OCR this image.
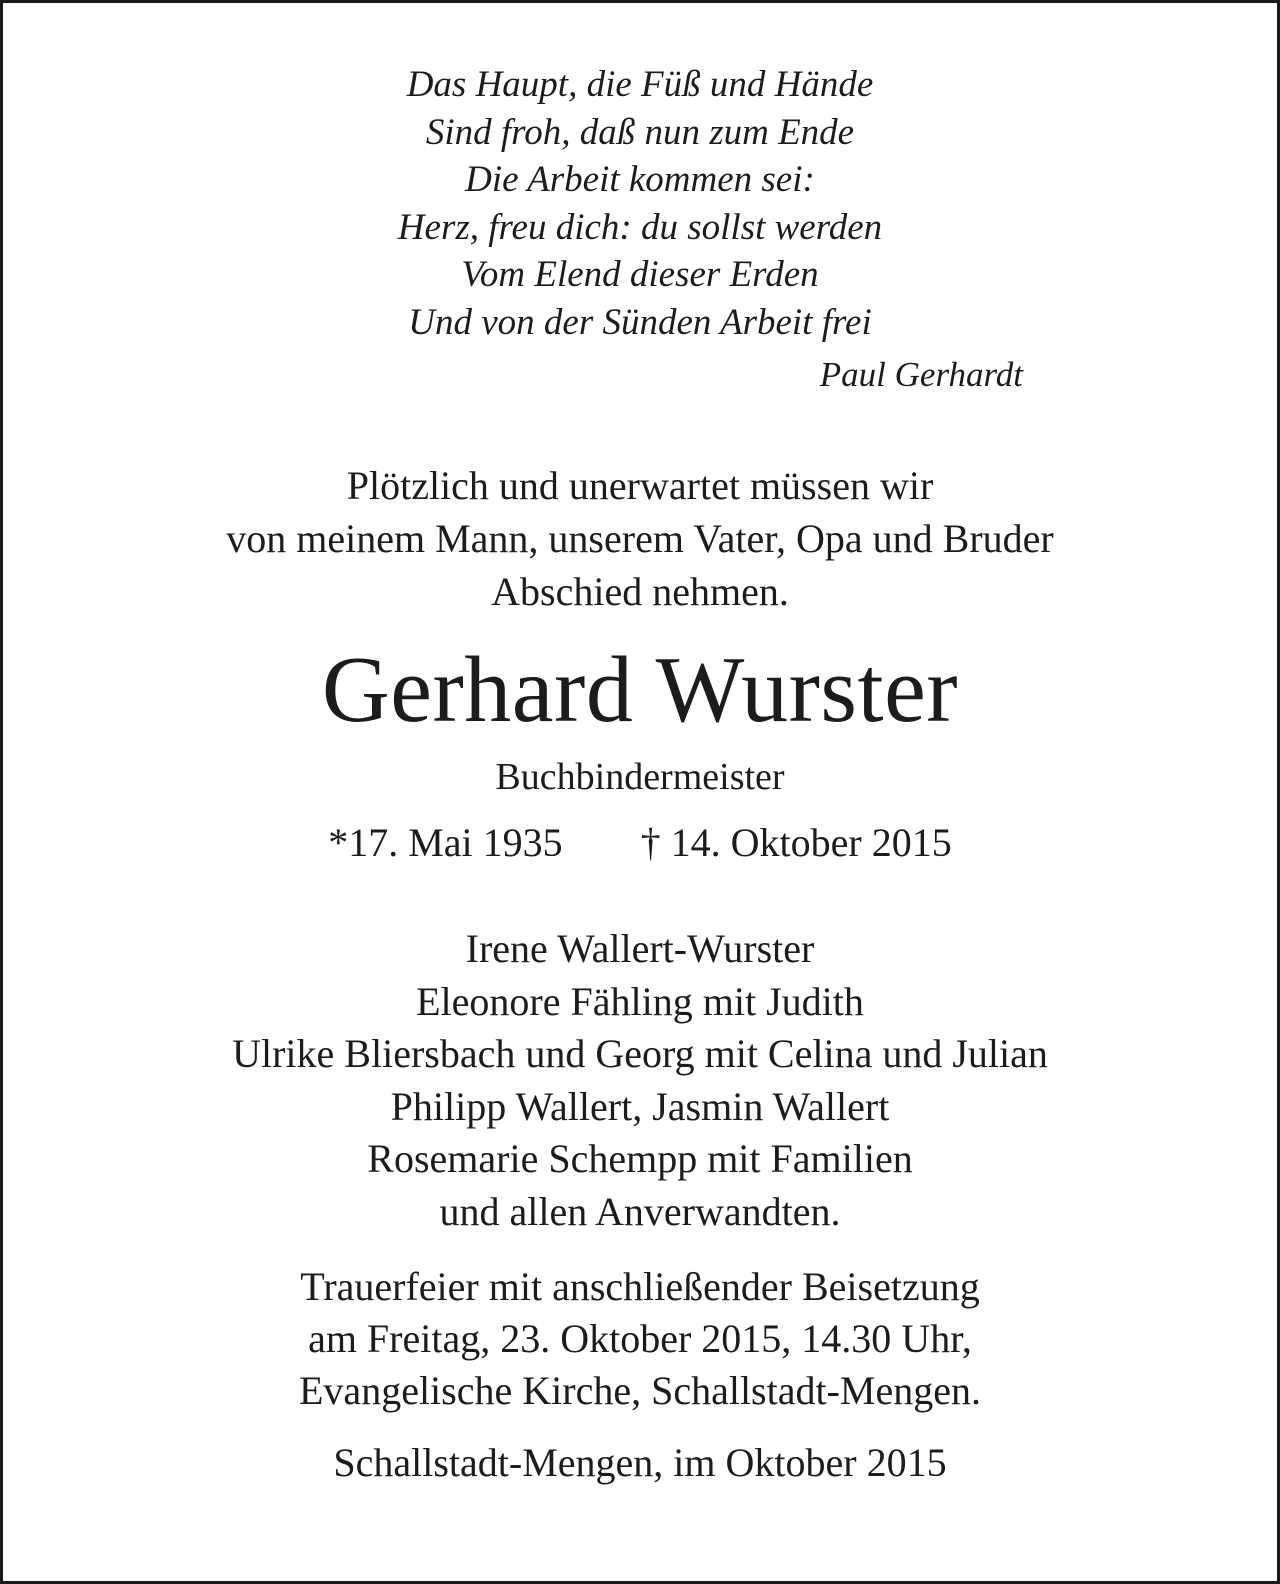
Das Haupt, die Füß und Hände
Sind froh, daß nun zum Ende
Die Arbeit kommen sei:
Herz, freu dich: du sollst werden
Vom Elend dieser Erden
Und von der Sünden Arbeit frei
Paul Gerhardt
Plötzlich und unerwartet müssen wir
von meinem Mann, unserem Vater, Opa und Bruder
Abschied nehmen.
Gerhard Wurster
Buchbindermeister
*17. Mai 1935 † 14. Oktober 2015
Irene Wallert-Wurster
Eleonore Fähling mit Judith
Ulrike Bliersbach und Georg mit Celina und Julian
Philipp Wallert, Jasmin Wallert
Rosemarie Schempp mit Familien
und allen Anverwandten.
Trauerfeier mit anschließender Beisetzung
am Freitag, 23. Oktober 2015, 14.30 Uhr,
Evangelische Kirche, Schallstadt-Mengen.
Schallstadt-Mengen, im Oktober 2015
